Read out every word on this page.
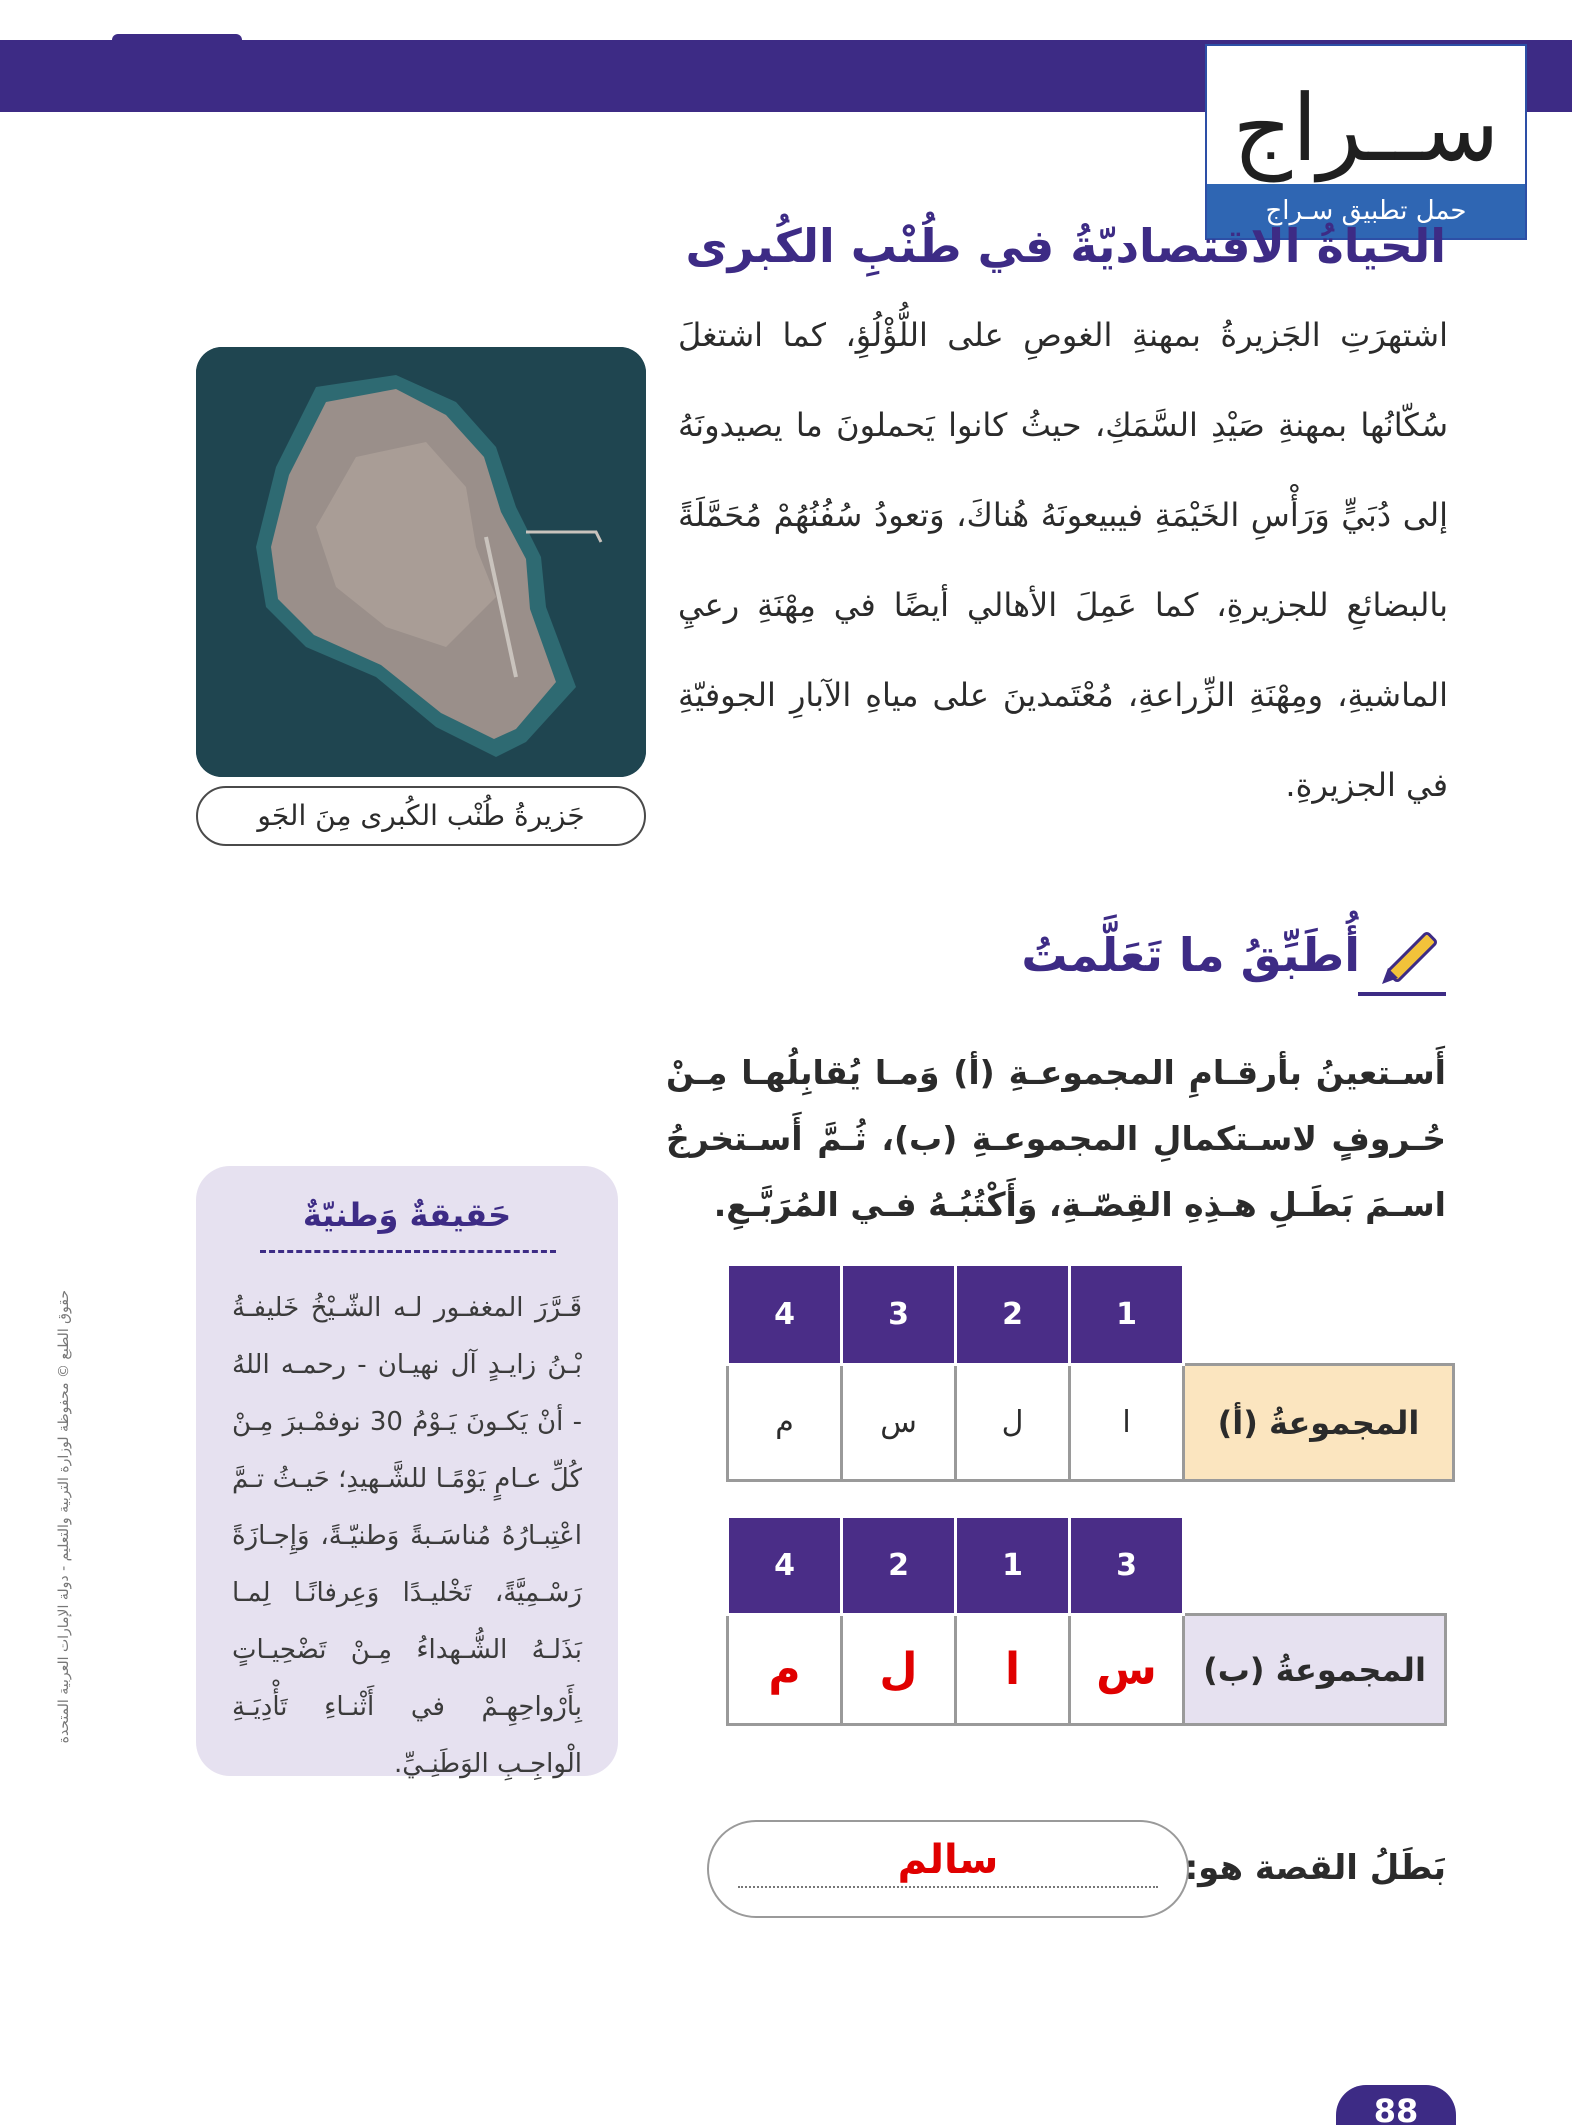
ســراج
حمل تطبيق سـراج
الحياةُ الاقتصاديّةُ في طُنْبِ الكُبرى
اشتهرَتِ الجَزيرةُ بمهنةِ الغوصِ على اللُّؤْلُؤِ، كما اشتغلَ سُكّانُها بمهنةِ صَيْدِ السَّمَكِ، حيثُ كانوا يَحملونَ ما يصيدونَهُ إلى دُبَيٍّ وَرَأْسِ الخَيْمَةِ فيبيعونَهُ هُناكَ، وَتعودُ سُفُنُهُمْ مُحَمَّلَةً بالبضائعِ للجزيرةِ، كما عَمِلَ الأهالي أيضًا في مِهْنَةِ رعيِ الماشيةِ، ومِهْنَةِ الزِّراعةِ، مُعْتَمدينَ على مياهِ الآبارِ الجوفيّةِ في الجزيرةِ.
جَزيرةُ طُنْب الكُبرى مِنَ الجَو
أُطَبِّقُ ما تَعَلَّمتُ
أَسـتعينُ بأرقـامِ المجموعـةِ (أ) وَمـا يُقابِلُهـا مِـنْ حُـروفٍ لاسـتكمالِ المجموعـةِ (ب)، ثُـمَّ أَسـتخرجُ اسـمَ بَطَـلِ هـذِهِ القِصّـةِ، وَأَكْتُبُـهُ فـي المُرَبَّـعِ.
حَقيقةٌ وَطنيّةٌ
قَـرَّرَ المغفـور لـه الشّـيْخُ خَليفـةُ بْـنُ زايـدٍ آل نهيـان - رحمـه اللهُ - أنْ يَكـونَ يَـوْمُ 30 نوفمْـبرَ مِـنْ كُلِّ عـامٍ يَوْمًـا للشَّـهيدِ؛ حَيـثُ تـمَّ اعْتِبـارُهُ مُناسَـبةً وَطنيّـةً، وَإِجـازَةً رَسْـمِيَّةً، تَخْليـدًا وَعِرفانًـا لِمـا بَذَلـهُ الشُّـهداءُ مِـنْ تَضْحِيـاتٍ بِأَرْواحِهِـمْ في أَثْنـاءِ تَأْدِيَـةِ الْواجِـبِ الوَطَنِـيِّ.
حقوق الطبع © محفوظة لوزارة التربية والتعليم - دولة الإمارات العربية المتحدة	4	3	2	1	
م	س	ل	ا	المجموعةُ (أ)
4	2	1	3	
م	ل	ا	س	المجموعةُ (ب)
بَطَلُ القصة هو:
سالم
88
